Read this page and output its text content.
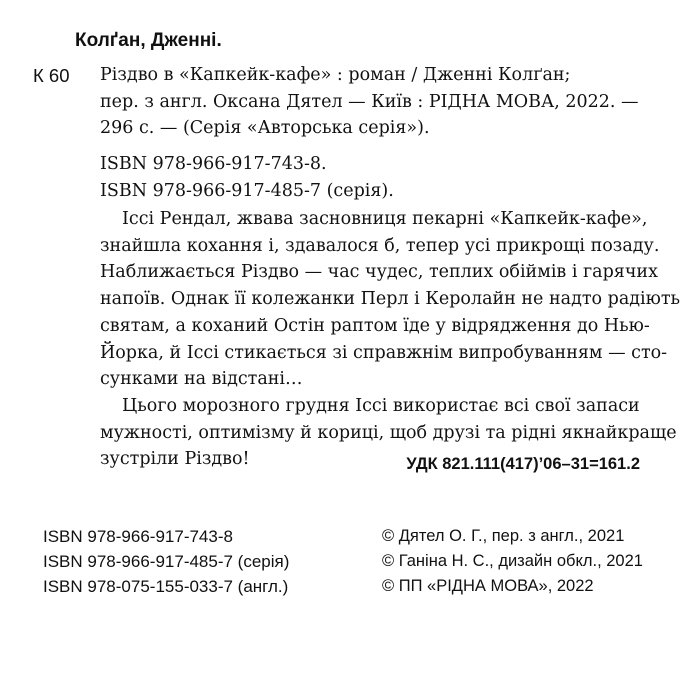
Колґан, Дженні.
К 60 Різдво в «Капкейк-кафе» : роман / Дженні Колґан;
пер. з англ. Оксана Дятел — Київ : РІДНА МОВА, 2022. —
296 с. — (Серія «Авторська серія»).
ISBN 978-966-917-743-8.
ISBN 978-966-917-485-7 (серія).
Іссі Рендал, жвава засновниця пекарні «Капкейк-кафе»,
знайшла кохання і, здавалося б, тепер усі прикрощі позаду.
Наближається Різдво — час чудес, теплих обіймів і гарячих
напоїв. Однак її колежанки Перл і Керолайн не надто радіють
святам, а коханий Остін раптом їде у відрядження до Нью-
Йорка, й Іссі стикається зі справжнім випробуванням — сто-
сунками на відстані…
Цього морозного грудня Іссі використає всі свої запаси
мужності, оптимізму й кориці, щоб друзі та рідні якнайкраще
зустріли Різдво!	УДК 821.111(417)’06–31=161.2
ISBN 978-966-917-743-8
ISBN 978-966-917-485-7 (серія)
ISBN 978-075-155-033-7 (англ.)
© Дятел О. Г., пер. з англ., 2021
© Ганіна Н. С., дизайн обкл., 2021
© ПП «РІДНА МОВА», 2022
